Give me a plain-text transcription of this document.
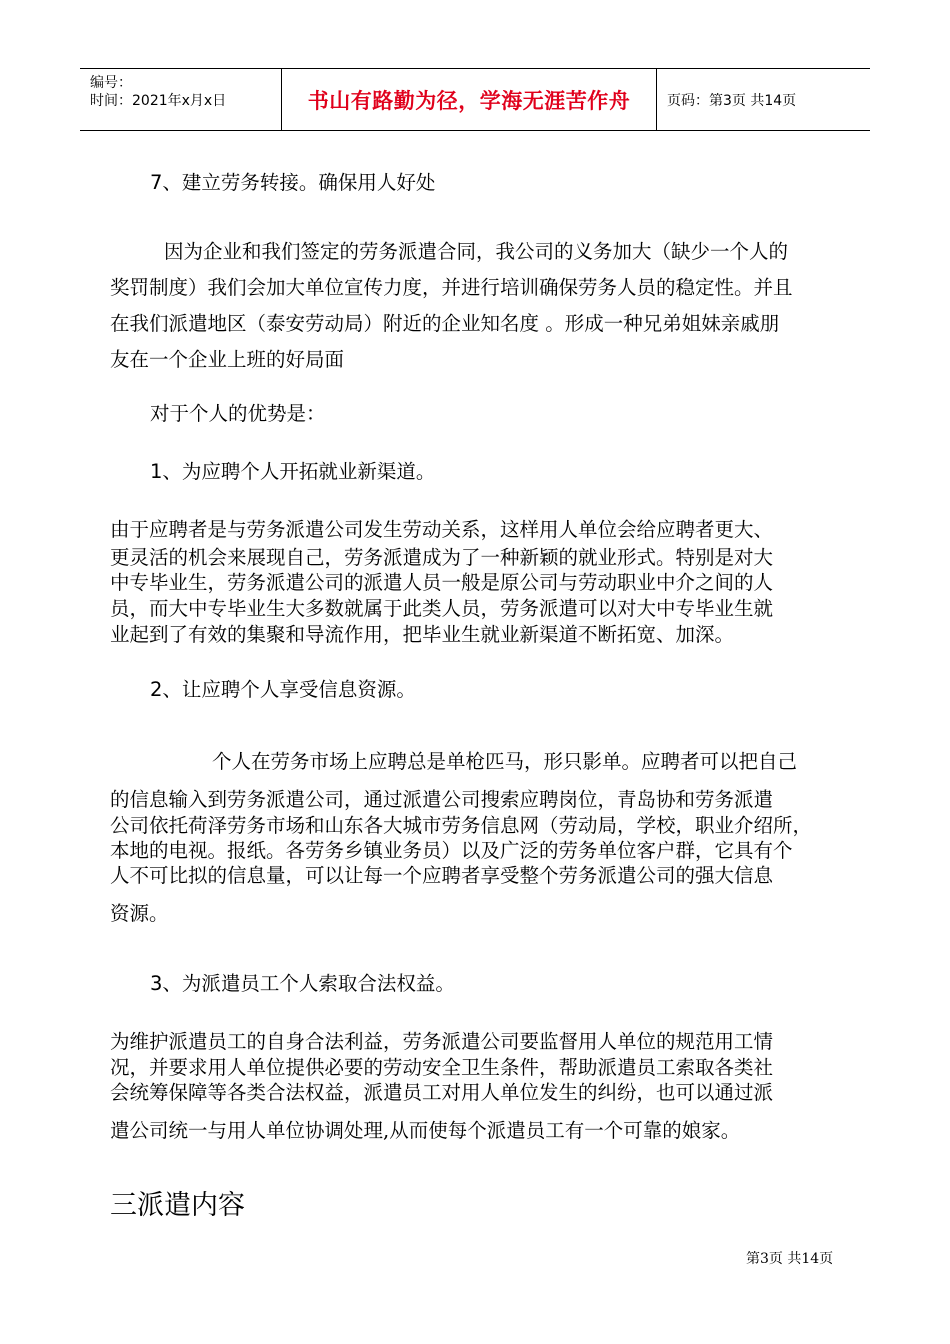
编号：
时间：2021年x月x日	书山有路勤为径，学海无涯苦作舟	页码：第3页 共14页
7、建立劳务转接。确保用人好处
因为企业和我们签定的劳务派遣合同，我公司的义务加大（缺少一个人的
奖罚制度）我们会加大单位宣传力度，并进行培训确保劳务人员的稳定性。并且
在我们派遣地区（泰安劳动局）附近的企业知名度 。形成一种兄弟姐妹亲戚朋
友在一个企业上班的好局面
对于个人的优势是：
1、为应聘个人开拓就业新渠道。
由于应聘者是与劳务派遣公司发生劳动关系，这样用人单位会给应聘者更大、
更灵活的机会来展现自己，劳务派遣成为了一种新颖的就业形式。特别是对大
中专毕业生，劳务派遣公司的派遣人员一般是原公司与劳动职业中介之间的人
员，而大中专毕业生大多数就属于此类人员，劳务派遣可以对大中专毕业生就
业起到了有效的集聚和导流作用，把毕业生就业新渠道不断拓宽、加深。
2、让应聘个人享受信息资源。
个人在劳务市场上应聘总是单枪匹马，形只影单。应聘者可以把自己
的信息输入到劳务派遣公司，通过派遣公司搜索应聘岗位，青岛协和劳务派遣
公司依托荷泽劳务市场和山东各大城市劳务信息网（劳动局，学校，职业介绍所，
本地的电视。报纸。各劳务乡镇业务员）以及广泛的劳务单位客户群，它具有个
人不可比拟的信息量，可以让每一个应聘者享受整个劳务派遣公司的强大信息
资源。
3、为派遣员工个人索取合法权益。
为维护派遣员工的自身合法利益，劳务派遣公司要监督用人单位的规范用工情
况，并要求用人单位提供必要的劳动安全卫生条件，帮助派遣员工索取各类社
会统筹保障等各类合法权益，派遣员工对用人单位发生的纠纷，也可以通过派
遣公司统一与用人单位协调处理,从而使每个派遣员工有一个可靠的娘家。
三派遣内容
第3页 共14页
